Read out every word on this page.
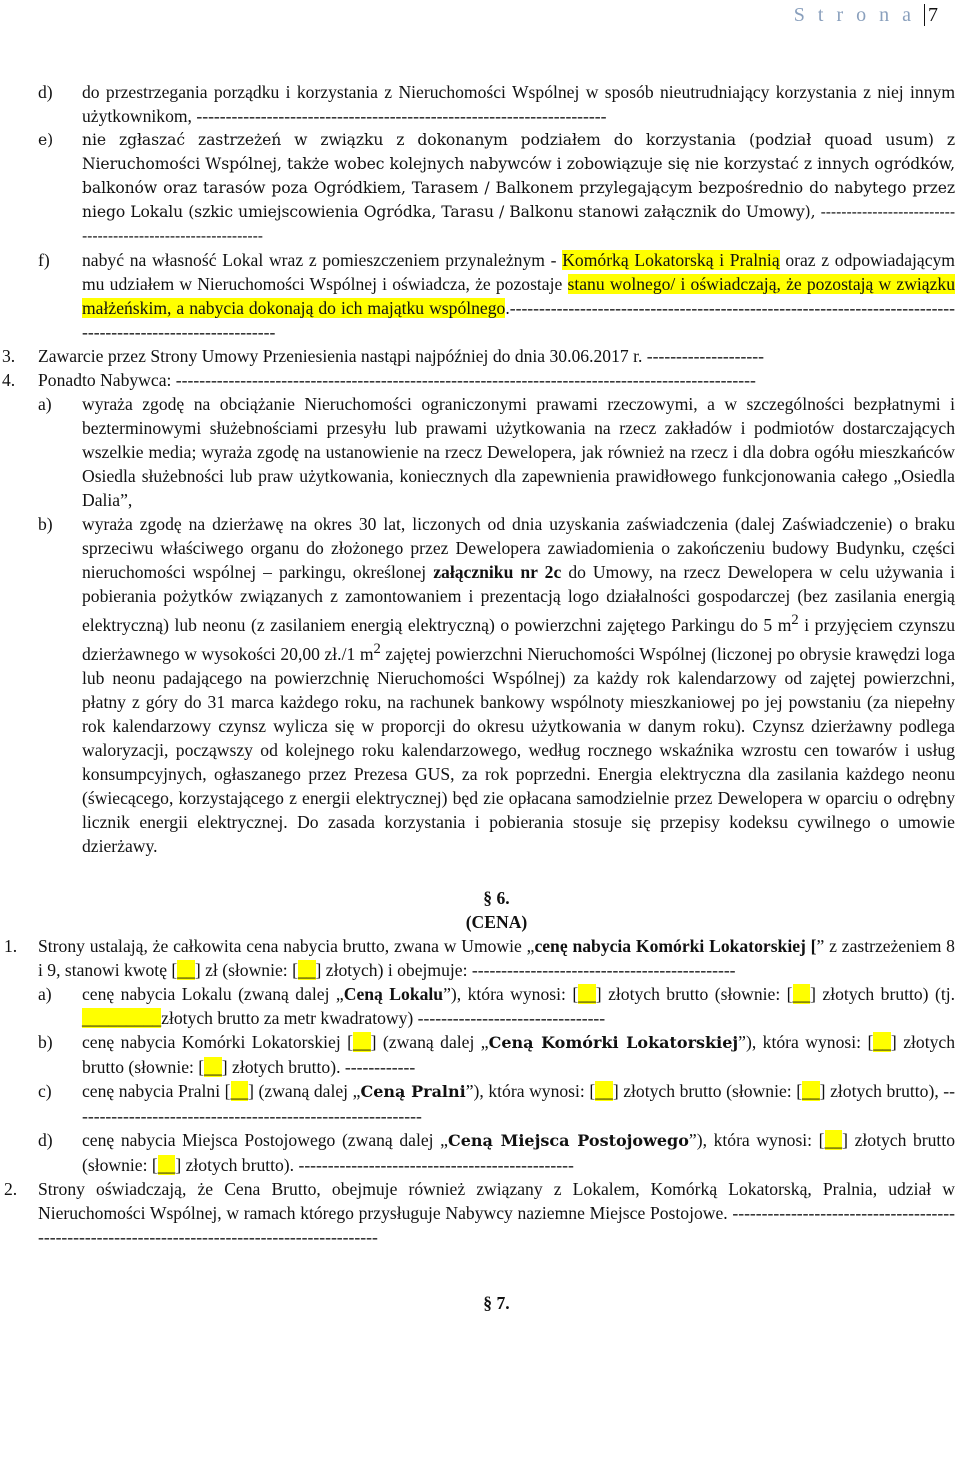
S t r o n a 7
d) do przestrzegania porządku i korzystania z Nieruchomości Wspólnej w sposób nieutrudniający korzystania z niej innym użytkownikom, ----------------------------------------------------------------------
e) nie zgłaszać zastrzeżeń w związku z dokonanym podziałem do korzystania (podział quoad usum) z Nieruchomości Wspólnej, także wobec kolejnych nabywców i zobowiązuje się nie korzystać z innych ogródków, balkonów oraz tarasów poza Ogródkiem, Tarasem / Balkonem przylegającym bezpośrednio do nabytego przez niego Lokalu (szkic umiejscowienia Ogródka, Tarasu / Balkonu stanowi załącznik do Umowy), -------------------------------------------------------------
f) nabyć na własność Lokal wraz z pomieszczeniem przynależnym - Komórką Lokatorską i Pralnią oraz z odpowiadającym mu udziałem w Nieruchomości Wspólnej i oświadcza, że pozostaje stanu wolnego/ i oświadczają, że pozostają w związku małżeńskim, a nabycia dokonają do ich majątku wspólnego.-------------------------------------------------------------------------------------------------------------
3. Zawarcie przez Strony Umowy Przeniesienia nastąpi najpóźniej do dnia 30.06.2017 r. --------------------
4. Ponadto Nabywca: ---------------------------------------------------------------------------------------------------
a) wyraża zgodę na obciążanie Nieruchomości ograniczonymi prawami rzeczowymi, a w szczególności bezpłatnymi i bezterminowymi służebnościami przesyłu lub prawami użytkowania na rzecz zakładów i podmiotów dostarczających wszelkie media; wyraża zgodę na ustanowienie na rzecz Dewelopera, jak również na rzecz i dla dobra ogółu mieszkańców Osiedla służebności lub praw użytkowania, koniecznych dla zapewnienia prawidłowego funkcjonowania całego „Osiedla Dalia”,
b) wyraża zgodę na dzierżawę na okres 30 lat, liczonych od dnia uzyskania zaświadczenia (dalej Zaświadczenie) o braku sprzeciwu właściwego organu do złożonego przez Dewelopera zawiadomienia o zakończeniu budowy Budynku, części nieruchomości wspólnej – parkingu, określonej załączniku nr 2c do Umowy, na rzecz Dewelopera w celu używania i pobierania pożytków związanych z zamontowaniem i prezentacją logo działalności gospodarczej (bez zasilania energią elektryczną) lub neonu (z zasilaniem energią elektryczną) o powierzchni zajętego Parkingu do 5 $m^2$ i przyjęciem czynszu dzierżawnego w wysokości 20,00 zł./1 $m^2$ zajętej powierzchni Nieruchomości Wspólnej (liczonej po obrysie krawędzi loga lub neonu padającego na powierzchnię Nieruchomości Wspólnej) za każdy rok kalendarzowy od zajętej powierzchni, płatny z góry do 31 marca każdego roku, na rachunek bankowy wspólnoty mieszkaniowej po jej powstaniu (za niepełny rok kalendarzowy czynsz wylicza się w proporcji do okresu użytkowania w danym roku). Czynsz dzierżawny podlega waloryzacji, począwszy od kolejnego roku kalendarzowego, według rocznego wskaźnika wzrostu cen towarów i usług konsumpcyjnych, ogłaszanego przez Prezesa GUS, za rok poprzedni. Energia elektryczna dla zasilania każdego neonu (świecącego, korzystającego z energii elektrycznej) będ zie opłacana samodzielnie przez Dewelopera w oparciu o odrębny licznik energii elektrycznej. Do zasada korzystania i pobierania stosuje się przepisy kodeksu cywilnego o umowie dzierżawy.
§ 6.
(CENA)
1. Strony ustalają, że całkowita cena nabycia brutto, zwana w Umowie „cenę nabycia Komórki Lokatorskiej [” z zastrzeżeniem 8 i 9, stanowi kwotę [__] zł (słownie: [__] złotych) i obejmuje: ---------------------------------------------
a) cenę nabycia Lokalu (zwaną dalej „Ceną Lokalu”), która wynosi: [__] złotych brutto (słownie: [__] złotych brutto) (tj. _________złotych brutto za metr kwadratowy) --------------------------------
b) cenę nabycia Komórki Lokatorskiej [__] (zwaną dalej „Ceną Komórki Lokatorskiej”), która wynosi: [__] złotych brutto (słownie: [__] złotych brutto). ------------
c) cenę nabycia Pralni [__] (zwaną dalej „Ceną Pralni”), która wynosi: [__] złotych brutto (słownie: [__] złotych brutto), ------------------------------------------------------------
d) cenę nabycia Miejsca Postojowego (zwaną dalej „Ceną Miejsca Postojowego”), która wynosi: [__] złotych brutto (słownie: [__] złotych brutto). -----------------------------------------------
2. Strony oświadczają, że Cena Brutto, obejmuje również związany z Lokalem, Komórką Lokatorską, Pralnia, udział w Nieruchomości Wspólnej, w ramach którego przysługuje Nabywcy naziemne Miejsce Postojowe. ------------------------------------------------------------------------------------------------
§ 7.
